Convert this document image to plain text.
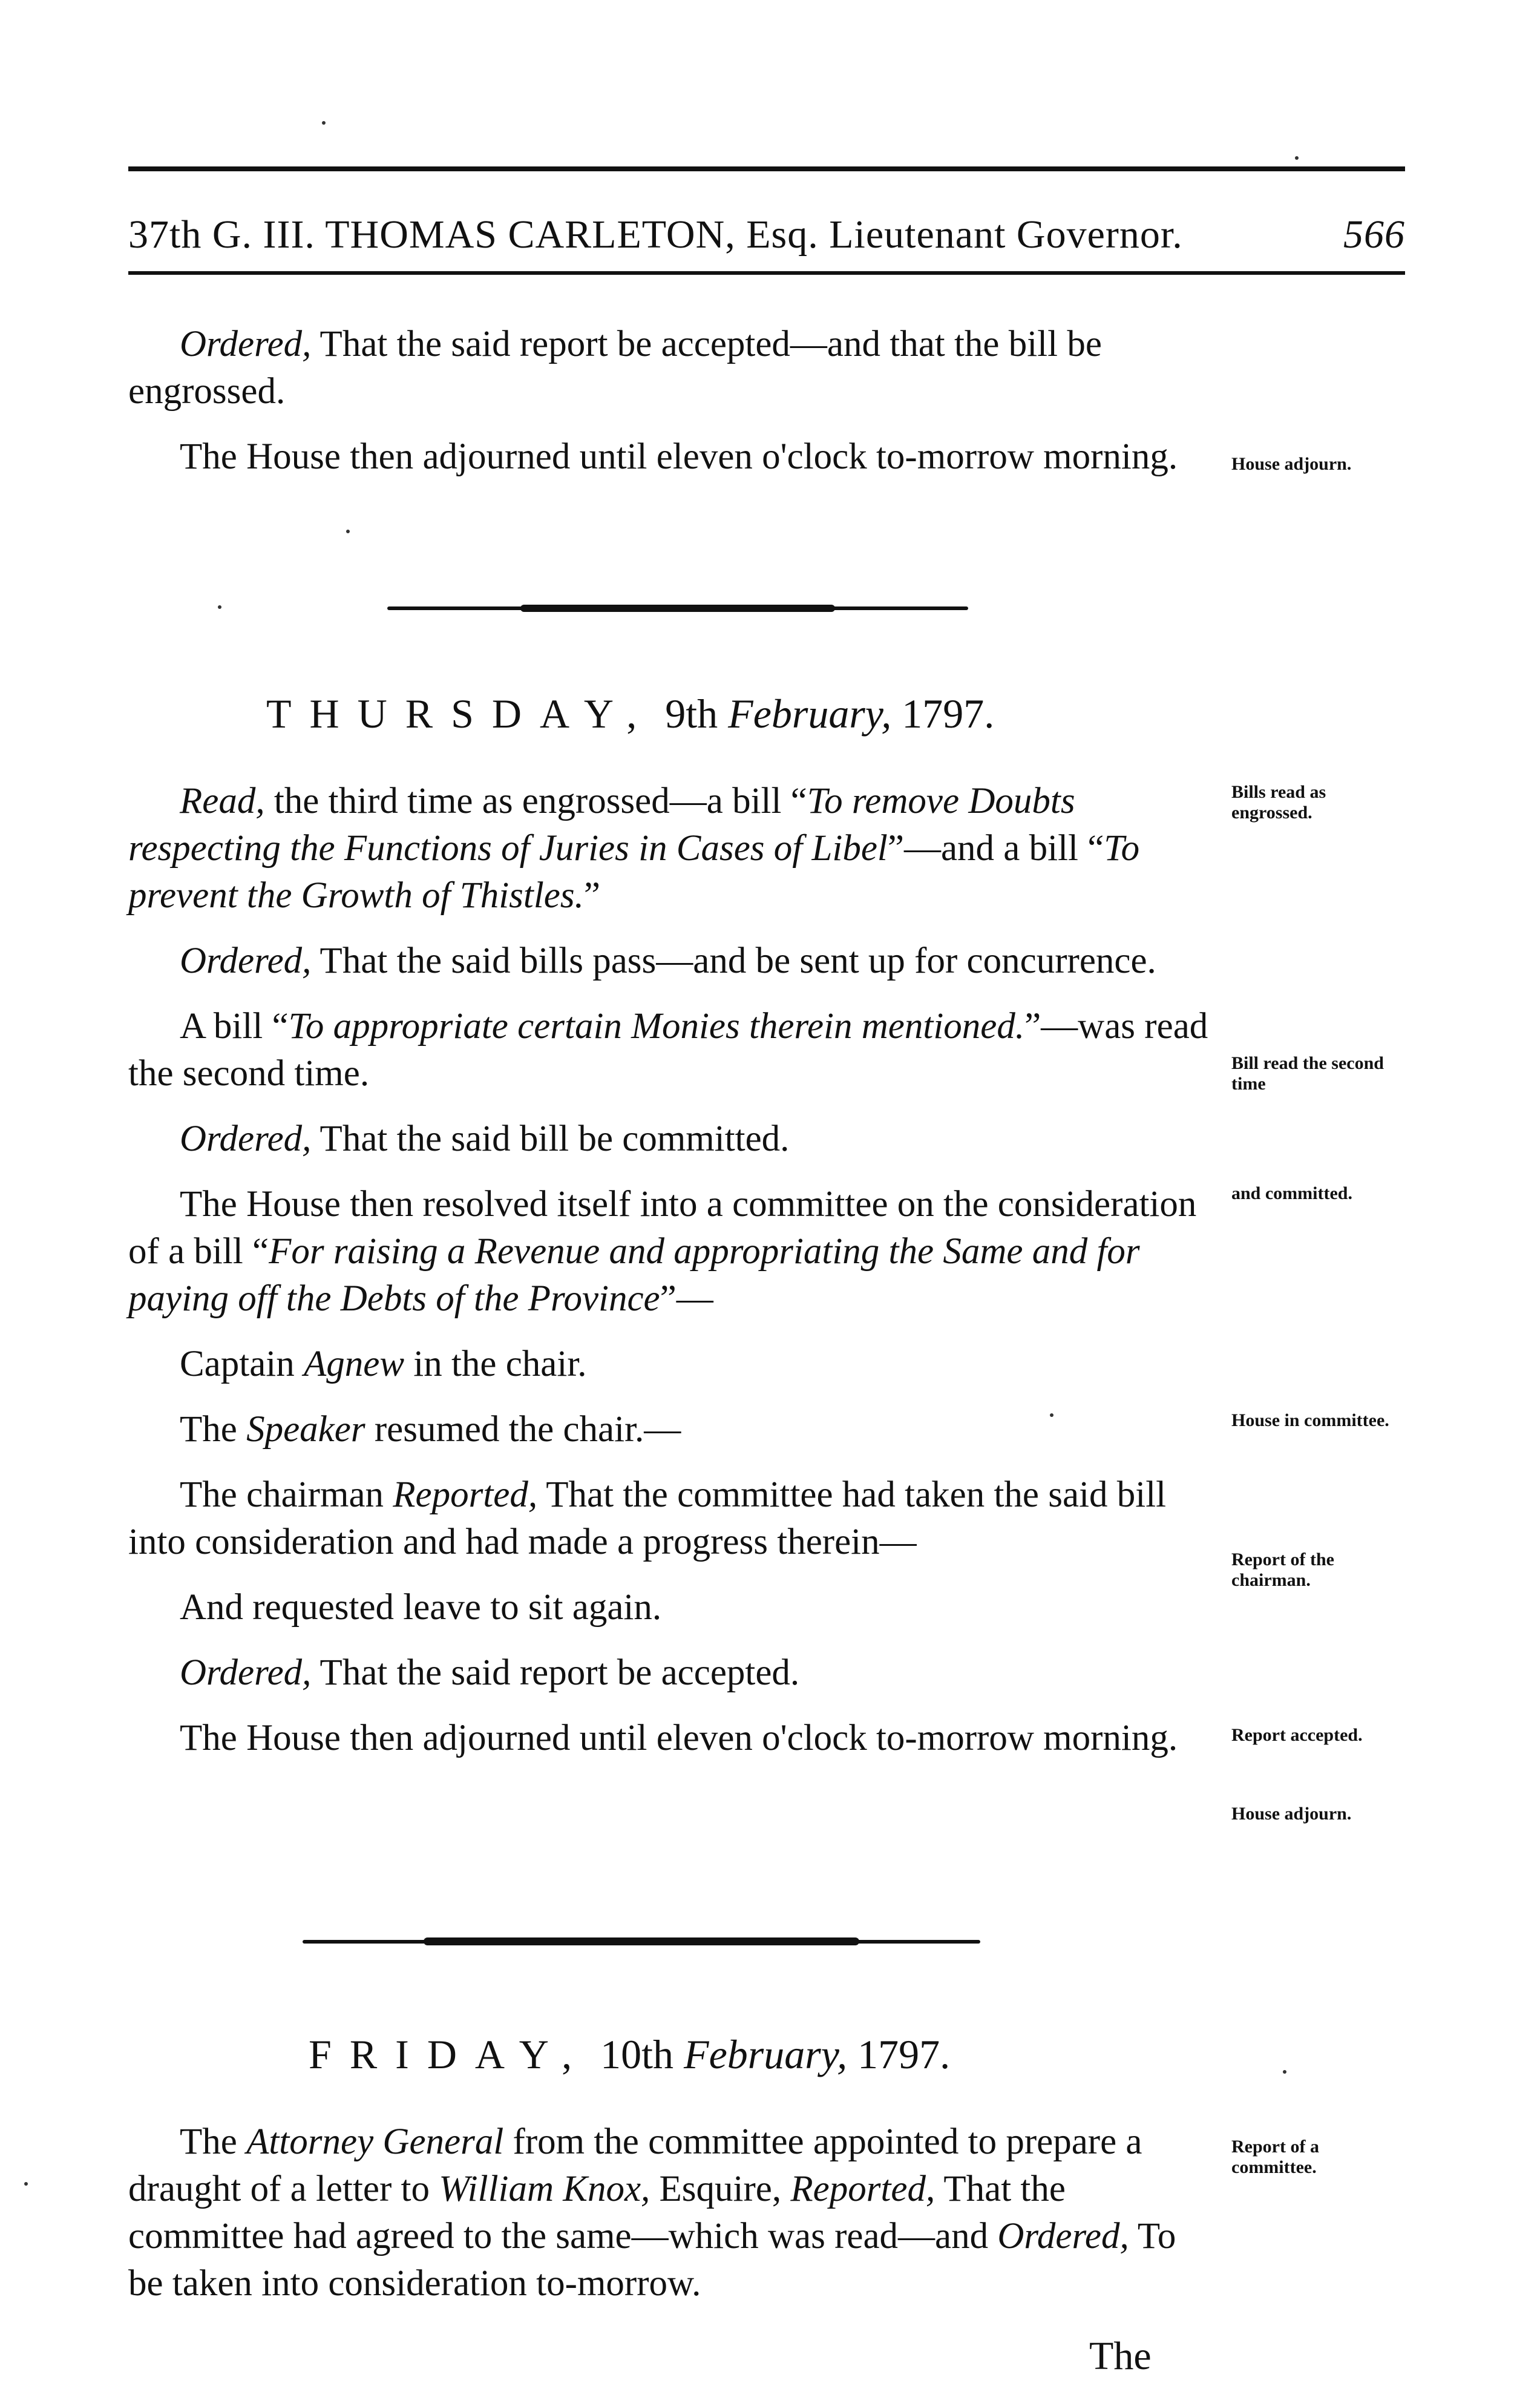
37th G. III. THOMAS CARLETON, Esq. Lieutenant Governor.	566

Ordered, That the said report be accepted—and that the bill be engrossed.

The House then adjourned until eleven o'clock to-morrow morning.

THURSDAY, 9th February, 1797.

Read, the third time as engrossed—a bill “To remove Doubts respecting the Functions of Juries in Cases of Libel”—and a bill “To prevent the Growth of Thistles.”

Ordered, That the said bills pass—and be sent up for concurrence.

A bill “To appropriate certain Monies therein mentioned.”—was read the second time.

Ordered, That the said bill be committed.

The House then resolved itself into a committee on the consideration of a bill “For raising a Revenue and appropriating the Same and for paying off the Debts of the Province”—

Captain Agnew in the chair.

The Speaker resumed the chair.—

The chairman Reported, That the committee had taken the said bill into consideration and had made a progress therein—

And requested leave to sit again.

Ordered, That the said report be accepted.

The House then adjourned until eleven o'clock to-morrow morning.

FRIDAY, 10th February, 1797.

The Attorney General from the committee appointed to prepare a draught of a letter to William Knox, Esquire, Reported, That the committee had agreed to the same—which was read—and Ordered, To be taken into consideration to-morrow.

House adjourn.
Bills read as engrossed.
Bill read the second time
and committed.
House in committee.
Report of the chairman.
Report accepted.
House adjourn.
Report of a committee.
The
